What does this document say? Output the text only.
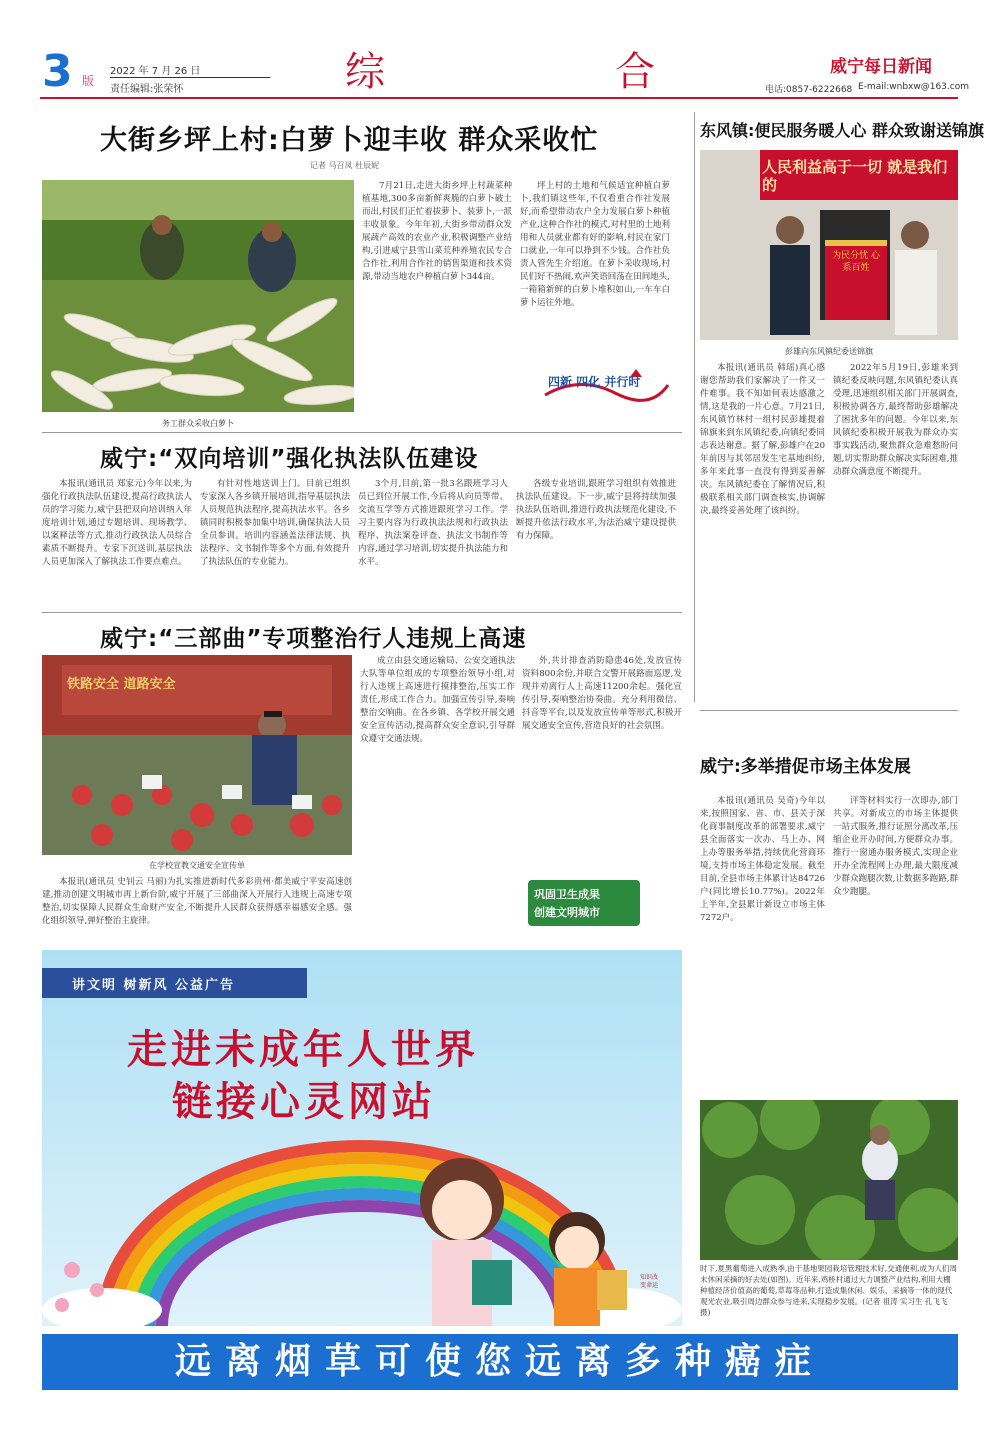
3 版
2022 年 7 月 26 日
责任编辑:张荣怀	综	合	威宁每日新闻
电话:0857-6222668 E-mail:wnbxw@163.com
大街乡坪上村:白萝卜迎丰收 群众采收忙
记者 马召凤 杜辰妮
务工群众采收白萝卜
7月21日,走进大街乡坪上村蔬菜种植基地,300多亩新鲜爽脆的白萝卜破土而出,村民们正忙着拔萝卜、装萝卜,一派丰收景象。今年年初,大街乡带动群众发展蔬产高效的农业产业,积极调整产业结构,引进威宁县雪山菜荒种养殖农民专合合作社,利用合作社的销售渠道和技术资源,带动当地农户种植白萝卜344亩。
坪上村的土地和气候适宜种植白萝卜,我们镇这些年,不仅看重合作社发展好,而希望带动农户全力发展白萝卜种植产业,这种合作社的模式,对村里的土地利用和人员就业都有好的影响,村民在家门口就业,一年可以挣到不少钱。合作社负责人管先生介绍道。在萝卜采收现场,村民们好不热闹,欢声笑语回荡在田间地头,一箱箱新鲜的白萝卜堆积如山,一车车白萝卜运往外地。
四新 四化 并行时
东风镇:便民服务暖人心 群众致谢送锦旗
人民利益高于一切 就是我们的
为民分忧 心系百姓
彭雄向东风镇纪委送锦旗
本报讯(通讯员 韩瑶)真心感谢您帮助我们家解决了一件又一件难事。我不知如何表达感激之情,这是我的一片心意。7月21日,东风镇竹林村一组村民彭雄提着锦旗来到东风镇纪委,向镇纪委同志表达谢意。据了解,彭雄户在20年前因与其邻居发生宅基地纠纷,多年来此事一直没有得到妥善解决。东风镇纪委在了解情况后,积极联系相关部门调查核实,协调解决,最终妥善处理了该纠纷。
2022年5月19日,彭雄来到镇纪委反映问题,东风镇纪委认真受理,迅速组织相关部门开展调查,积极协调各方,最终帮助彭雄解决了困扰多年的问题。今年以来,东风镇纪委积极开展我为群众办实事实践活动,聚焦群众急难愁盼问题,切实帮助群众解决实际困难,推动群众满意度不断提升。
威宁:“双向培训”强化执法队伍建设
本报讯(通讯员 郑家元)今年以来,为强化行政执法队伍建设,提高行政执法人员的学习能力,威宁县把双向培训纳入年度培训计划,通过专题培训、现场教学、以案释法等方式,推动行政执法人员综合素质不断提升。专家下沉送训,基层执法人员更加深入了解执法工作要点难点。
有针对性地送训上门。目前已组织专家深入各乡镇开展培训,指导基层执法人员规范执法程序,提高执法水平。各乡镇同时积极参加集中培训,确保执法人员全员参训。培训内容涵盖法律法规、执法程序、文书制作等多个方面,有效提升了执法队伍的专业能力。
3个月,目前,第一批3名跟班学习人员已到位开展工作,今后将从向员等带、交流互学等方式推进跟班学习工作。学习主要内容为行政执法法规和行政执法程序、执法案卷评查、执法文书制作等内容,通过学习培训,切实提升执法能力和水平。
各级专业培训,跟班学习组织有效推进执法队伍建设。下一步,威宁县将持续加强执法队伍培训,推进行政执法规范化建设,不断提升依法行政水平,为法治威宁建设提供有力保障。
威宁:“三部曲”专项整治行人违规上高速
铁路安全 道路安全
在学校宣教交通安全宣传单
本报讯(通讯员 史钊云 马丽)为扎实推进新时代多彩贵州·都美威宁平安高速创建,推动创建文明城市再上新台阶,威宁开展了三部曲深入开展行人违规上高速专项整治,切实保障人民群众生命财产安全,不断提升人民群众获得感幸福感安全感。强化组织领导,弹好整治主旋律。
成立由县交通运输局、公安交通执法大队等单位组成的专项整治领导小组,对行人违规上高速进行摸排整治,压实工作责任,形成工作合力。加强宣传引导,奏响整治交响曲。在各乡镇、各学校开展交通安全宣传活动,提高群众安全意识,引导群众遵守交通法规。
外,共计排查消防隐患46处,发放宣传资料800余份,并联合交警开展路面巡逻,发现并劝离行人上高速11200余起。强化宣传引导,奏响整治协奏曲。充分利用微信、抖音等平台,以及发放宣传单等形式,积极开展交通安全宣传,营造良好的社会氛围。
巩固卫生成果
创建文明城市
威宁:多举措促市场主体发展
本报讯(通讯员 吴奇)今年以来,按照国家、省、市、县关于深化商事制度改革的部署要求,威宁县全面落实一次办、马上办、网上办等服务举措,持续优化营商环境,支持市场主体稳定发展。截至目前,全县市场主体累计达84726户(同比增长10.77%)。2022年上半年,全县累计新设立市场主体7272户。
评等材料实行一次即办,部门共享。对新成立的市场主体提供一站式服务,推行证照分离改革,压缩企业开办时间,方便群众办事。推行一窗通办服务模式,实现企业开办全流程网上办理,最大限度减少群众跑腿次数,让数据多跑路,群众少跑腿。
时下,夏黑葡萄进入成熟季,由于基地果园栽培管理技术好,交通便利,成为人们周末休闲采摘的好去处(如图)。近年来,鸡桥村通过大力调整产业结构,利用大棚种植经济价值高的葡萄,草莓等品种,打造成集休闲、娱乐、采摘等一体的现代观光农业,吸引周边群众参与进来,实现稳步发展。(记者 祖涛 实习生 孔飞飞 摄)
讲文明 树新风 公益广告
走进未成年人世界
链接心灵网站
知识改变命运
远离烟草可使您远离多种癌症
